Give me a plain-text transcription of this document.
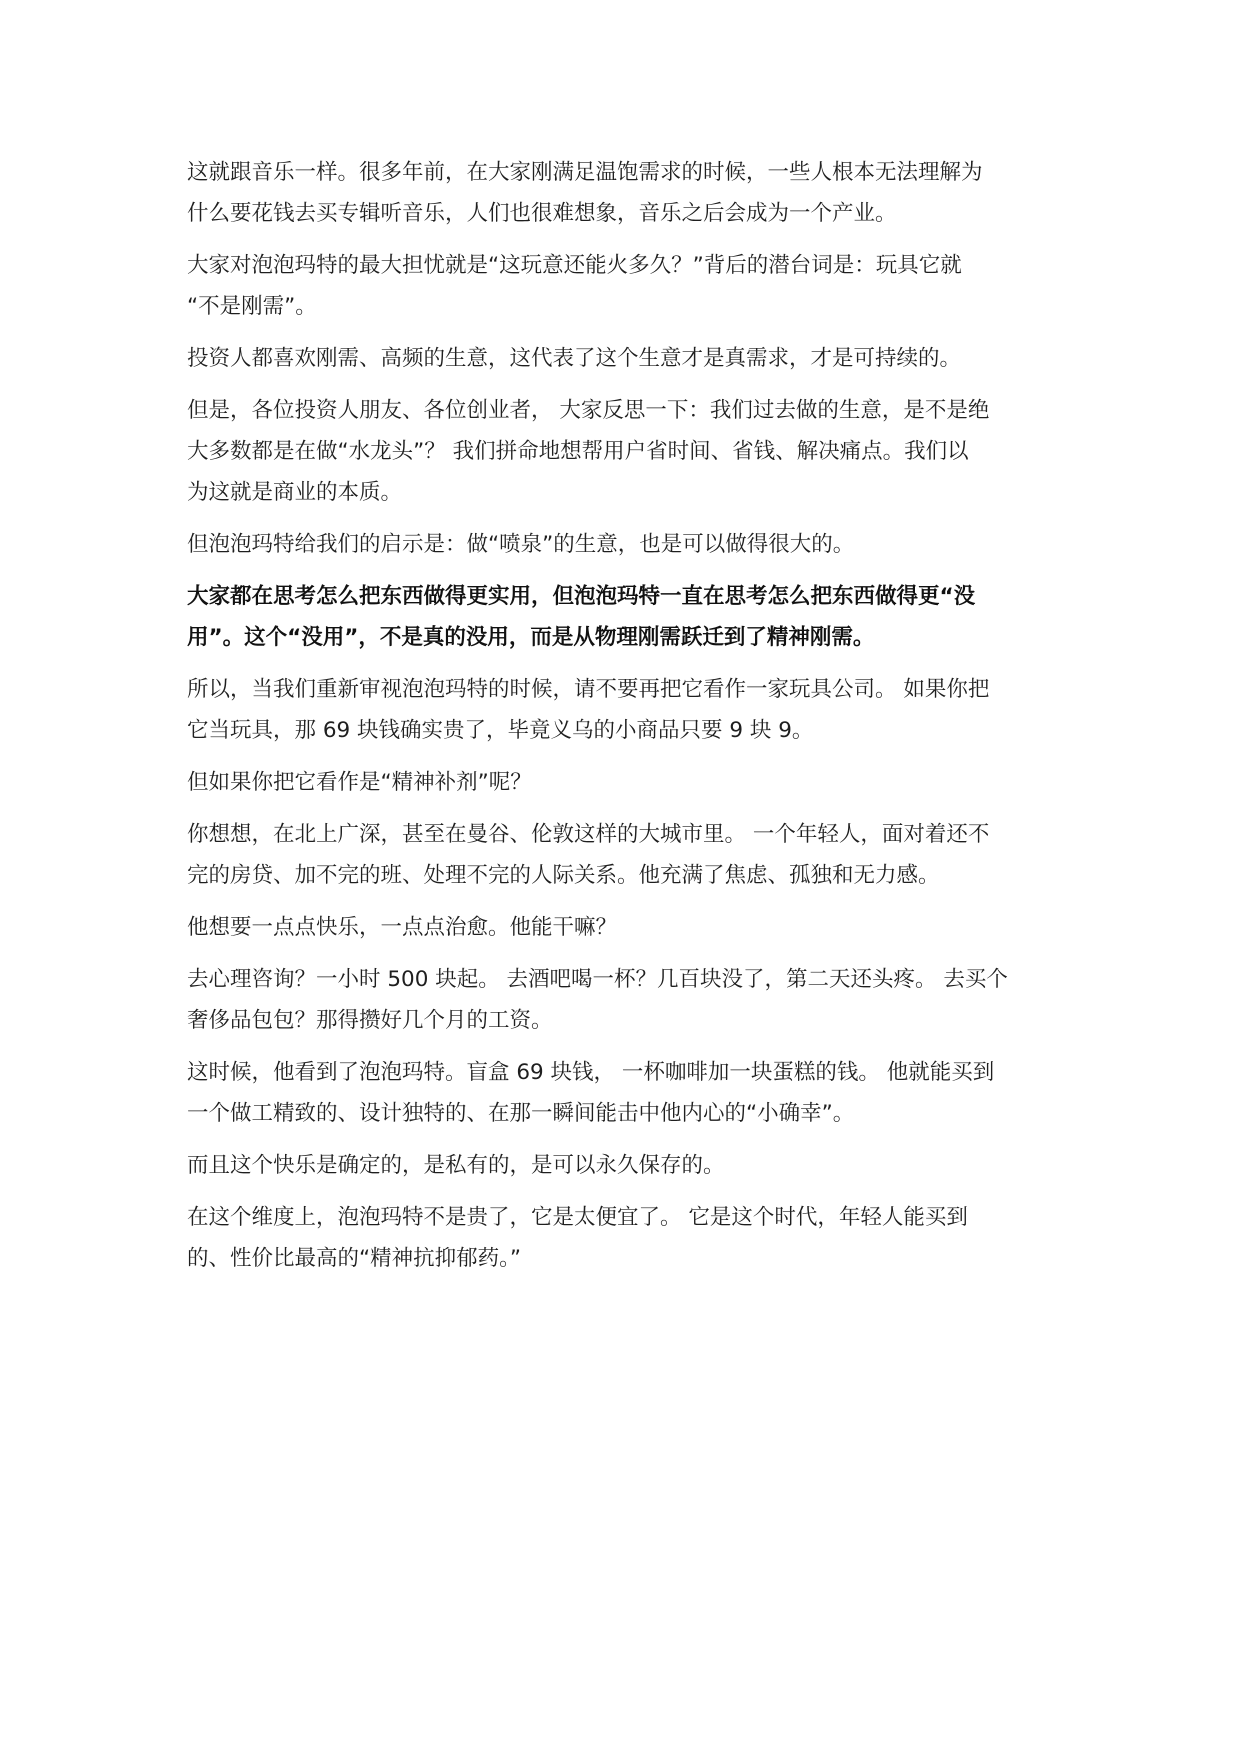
这就跟音乐一样。很多年前，在大家刚满足温饱需求的时候，一些人根本无法理解为
什么要花钱去买专辑听音乐，人们也很难想象，音乐之后会成为一个产业。

大家对泡泡玛特的最大担忧就是“这玩意还能火多久？”背后的潜台词是：玩具它就
“不是刚需”。

投资人都喜欢刚需、高频的生意，这代表了这个生意才是真需求，才是可持续的。

但是，各位投资人朋友、各位创业者， 大家反思一下：我们过去做的生意，是不是绝
大多数都是在做“水龙头”？ 我们拼命地想帮用户省时间、省钱、解决痛点。我们以
为这就是商业的本质。

但泡泡玛特给我们的启示是：做“喷泉”的生意，也是可以做得很大的。

大家都在思考怎么把东西做得更实用，但泡泡玛特一直在思考怎么把东西做得更“没
用”。这个“没用”，不是真的没用，而是从物理刚需跃迁到了精神刚需。

所以，当我们重新审视泡泡玛特的时候，请不要再把它看作一家玩具公司。 如果你把
它当玩具，那 69 块钱确实贵了，毕竟义乌的小商品只要 9 块 9。

但如果你把它看作是“精神补剂”呢？

你想想，在北上广深，甚至在曼谷、伦敦这样的大城市里。 一个年轻人，面对着还不
完的房贷、加不完的班、处理不完的人际关系。他充满了焦虑、孤独和无力感。

他想要一点点快乐，一点点治愈。他能干嘛？

去心理咨询？一小时 500 块起。 去酒吧喝一杯？几百块没了，第二天还头疼。 去买个
奢侈品包包？那得攒好几个月的工资。

这时候，他看到了泡泡玛特。盲盒 69 块钱， 一杯咖啡加一块蛋糕的钱。 他就能买到
一个做工精致的、设计独特的、在那一瞬间能击中他内心的“小确幸”。

而且这个快乐是确定的，是私有的，是可以永久保存的。

在这个维度上，泡泡玛特不是贵了，它是太便宜了。 它是这个时代，年轻人能买到
的、性价比最高的“精神抗抑郁药。”
